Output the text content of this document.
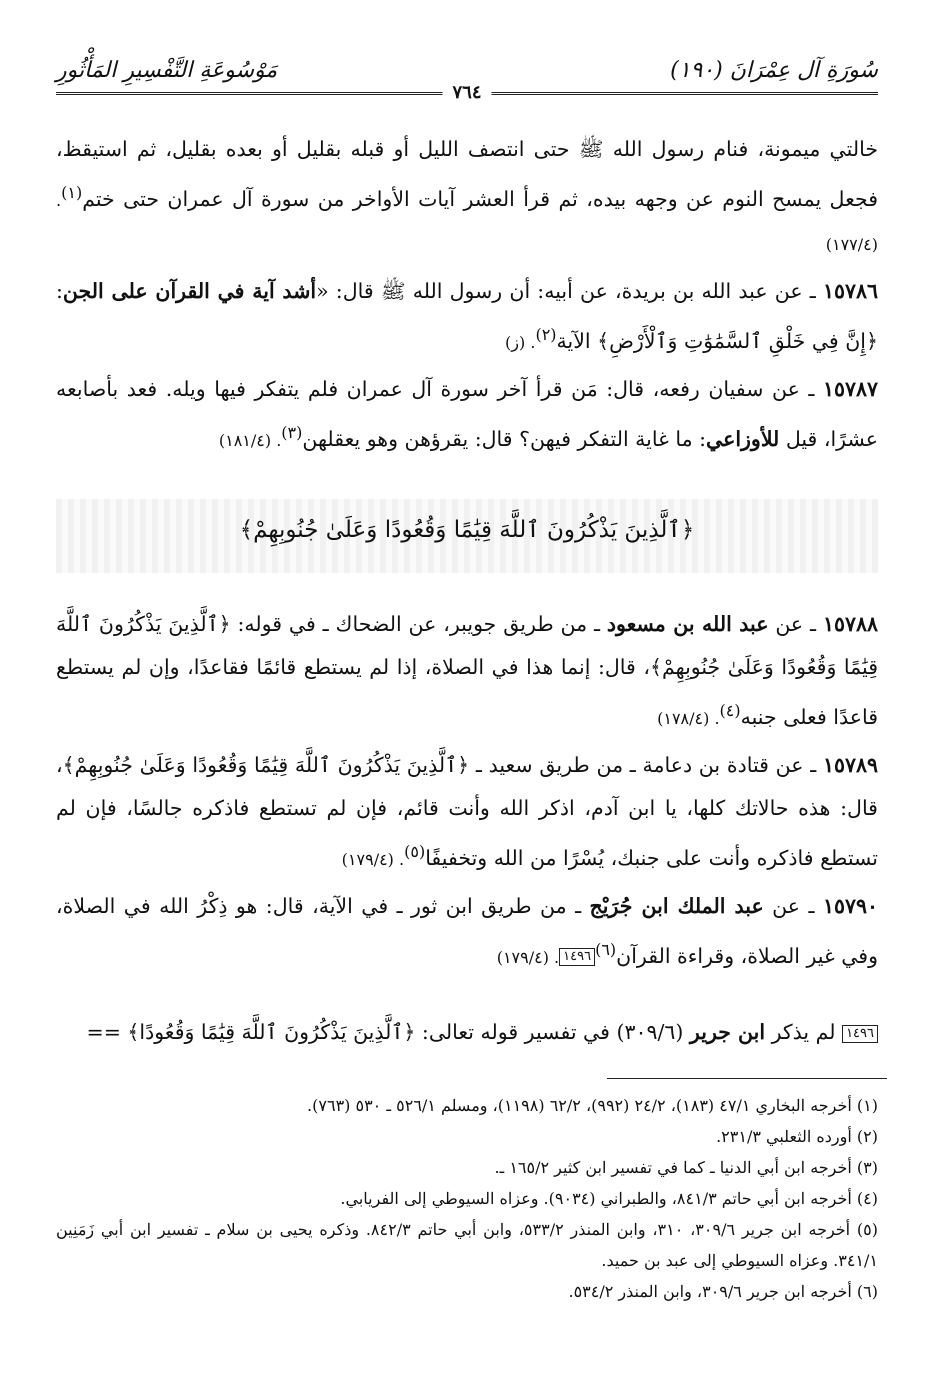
سُورَةِ آل عِمْرَانَ (١٩٠)
مَوْسُوعَةِ التَّفْسِيرِ المَأْثُورِ
٧٦٤

خالتي ميمونة، فنام رسول الله ﷺ حتى انتصف الليل أو قبله بقليل أو بعده بقليل، ثم استيقظ، فجعل يمسح النوم عن وجهه بيده، ثم قرأ العشر آيات الأواخر من سورة آل عمران حتى ختم$^{(١)}$. (١٧٧/٤)

١٥٧٨٦ ـ عن عبد الله بن بريدة، عن أبيه: أن رسول الله ﷺ قال: «أشد آية في القرآن على الجن: ﴿إِنَّ فِي خَلْقِ ٱلسَّمَٰوَٰتِ وَٱلْأَرْضِ﴾ الآية$^{(٢)}$. (ز)

١٥٧٨٧ ـ عن سفيان رفعه، قال: مَن قرأ آخر سورة آل عمران فلم يتفكر فيها ويله. فعد بأصابعه عشرًا، قيل للأوزاعي: ما غاية التفكر فيهن؟ قال: يقرؤهن وهو يعقلهن$^{(٣)}$. (١٨١/٤)

﴿ٱلَّذِينَ يَذْكُرُونَ ٱللَّهَ قِيَٰمًا وَقُعُودًا وَعَلَىٰ جُنُوبِهِمْ﴾

١٥٧٨٨ ـ عن عبد الله بن مسعود ـ من طريق جويبر، عن الضحاك ـ في قوله: ﴿ٱلَّذِينَ يَذْكُرُونَ ٱللَّهَ قِيَٰمًا وَقُعُودًا وَعَلَىٰ جُنُوبِهِمْ﴾، قال: إنما هذا في الصلاة، إذا لم يستطع قائمًا فقاعدًا، وإن لم يستطع قاعدًا فعلى جنبه$^{(٤)}$. (١٧٨/٤)

١٥٧٨٩ ـ عن قتادة بن دعامة ـ من طريق سعيد ـ ﴿ٱلَّذِينَ يَذْكُرُونَ ٱللَّهَ قِيَٰمًا وَقُعُودًا وَعَلَىٰ جُنُوبِهِمْ﴾، قال: هذه حالاتك كلها، يا ابن آدم، اذكر الله وأنت قائم، فإن لم تستطع فاذكره جالسًا، فإن لم تستطع فاذكره وأنت على جنبك، يُسْرًا من الله وتخفيفًا$^{(٥)}$. (١٧٩/٤)

١٥٧٩٠ ـ عن عبد الملك ابن جُرَيْج ـ من طريق ابن ثور ـ في الآية، قال: هو ذِكْرُ الله في الصلاة، وفي غير الصلاة، وقراءة القرآن$^{(٦)}$١٤٩٦. (١٧٩/٤)

١٤٩٦ لم يذكر ابن جرير (٣٠٩/٦) في تفسير قوله تعالى: ﴿ٱلَّذِينَ يَذْكُرُونَ ٱللَّهَ قِيَٰمًا وَقُعُودًا﴾ ==

(١) أخرجه البخاري ٤٧/١ (١٨٣)، ٢٤/٢ (٩٩٢)، ٦٢/٢ (١١٩٨)، ومسلم ٥٢٦/١ ـ ٥٣٠ (٧٦٣).

(٢) أورده الثعلبي ٢٣١/٣.

(٣) أخرجه ابن أبي الدنيا ـ كما في تفسير ابن كثير ١٦٥/٢ ـ.

(٤) أخرجه ابن أبي حاتم ٨٤١/٣، والطبراني (٩٠٣٤). وعزاه السيوطي إلى الفريابي.

(٥) أخرجه ابن جرير ٣٠٩/٦، ٣١٠، وابن المنذر ٥٣٣/٢، وابن أبي حاتم ٨٤٢/٣. وذكره يحيى بن سلام ـ تفسير ابن أبي زَمَنِين ٣٤١/١. وعزاه السيوطي إلى عبد بن حميد.

(٦) أخرجه ابن جرير ٣٠٩/٦، وابن المنذر ٥٣٤/٢.
